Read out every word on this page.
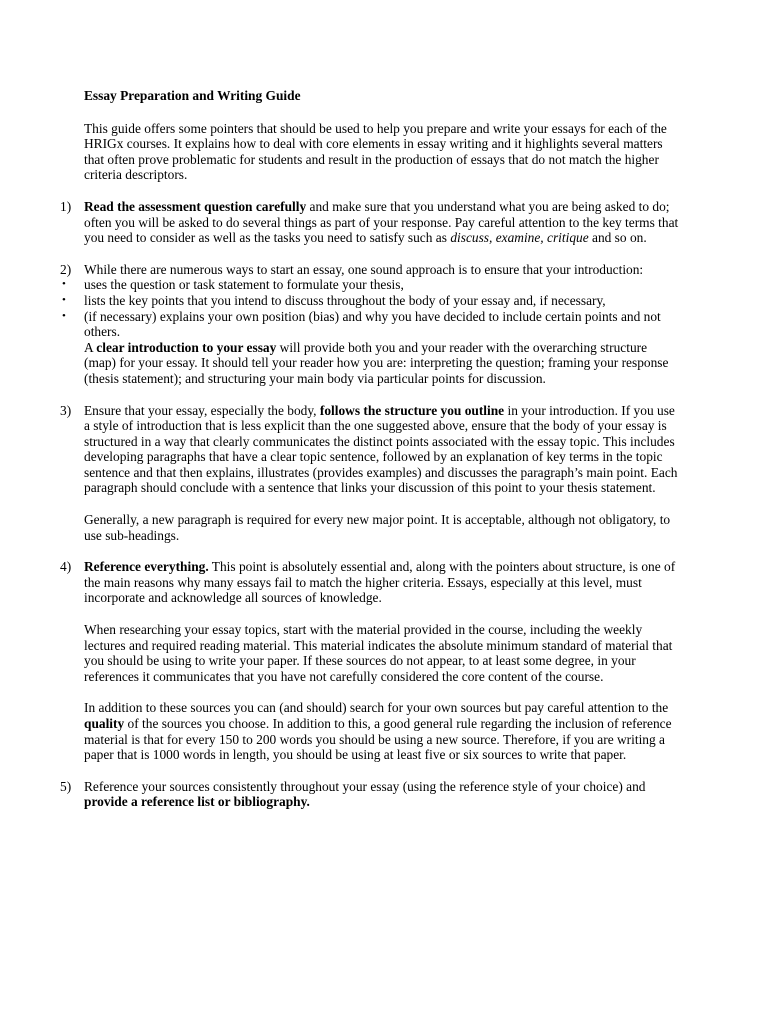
Essay Preparation and Writing Guide

This guide offers some pointers that should be used to help you prepare and write your essays for each of the HRIGx courses. It explains how to deal with core elements in essay writing and it highlights several matters that often prove problematic for students and result in the production of essays that do not match the higher criteria descriptors.

1) Read the assessment question carefully and make sure that you understand what you are being asked to do; often you will be asked to do several things as part of your response. Pay careful attention to the key terms that you need to consider as well as the tasks you need to satisfy such as discuss, examine, critique and so on.

2) While there are numerous ways to start an essay, one sound approach is to ensure that your introduction:

• uses the question or task statement to formulate your thesis,
• lists the key points that you intend to discuss throughout the body of your essay and, if necessary,
• (if necessary) explains your own position (bias) and why you have decided to include certain points and not others.

A clear introduction to your essay will provide both you and your reader with the overarching structure (map) for your essay. It should tell your reader how you are: interpreting the question; framing your response (thesis statement); and structuring your main body via particular points for discussion.

3) Ensure that your essay, especially the body, follows the structure you outline in your introduction. If you use a style of introduction that is less explicit than the one suggested above, ensure that the body of your essay is structured in a way that clearly communicates the distinct points associated with the essay topic. This includes developing paragraphs that have a clear topic sentence, followed by an explanation of key terms in the topic sentence and that then explains, illustrates (provides examples) and discusses the paragraph’s main point. Each paragraph should conclude with a sentence that links your discussion of this point to your thesis statement.

Generally, a new paragraph is required for every new major point. It is acceptable, although not obligatory, to use sub-headings.

4) Reference everything. This point is absolutely essential and, along with the pointers about structure, is one of the main reasons why many essays fail to match the higher criteria. Essays, especially at this level, must incorporate and acknowledge all sources of knowledge.

When researching your essay topics, start with the material provided in the course, including the weekly lectures and required reading material. This material indicates the absolute minimum standard of material that you should be using to write your paper. If these sources do not appear, to at least some degree, in your references it communicates that you have not carefully considered the core content of the course.

In addition to these sources you can (and should) search for your own sources but pay careful attention to the quality of the sources you choose. In addition to this, a good general rule regarding the inclusion of reference material is that for every 150 to 200 words you should be using a new source. Therefore, if you are writing a paper that is 1000 words in length, you should be using at least five or six sources to write that paper.

5) Reference your sources consistently throughout your essay (using the reference style of your choice) and provide a reference list or bibliography.
